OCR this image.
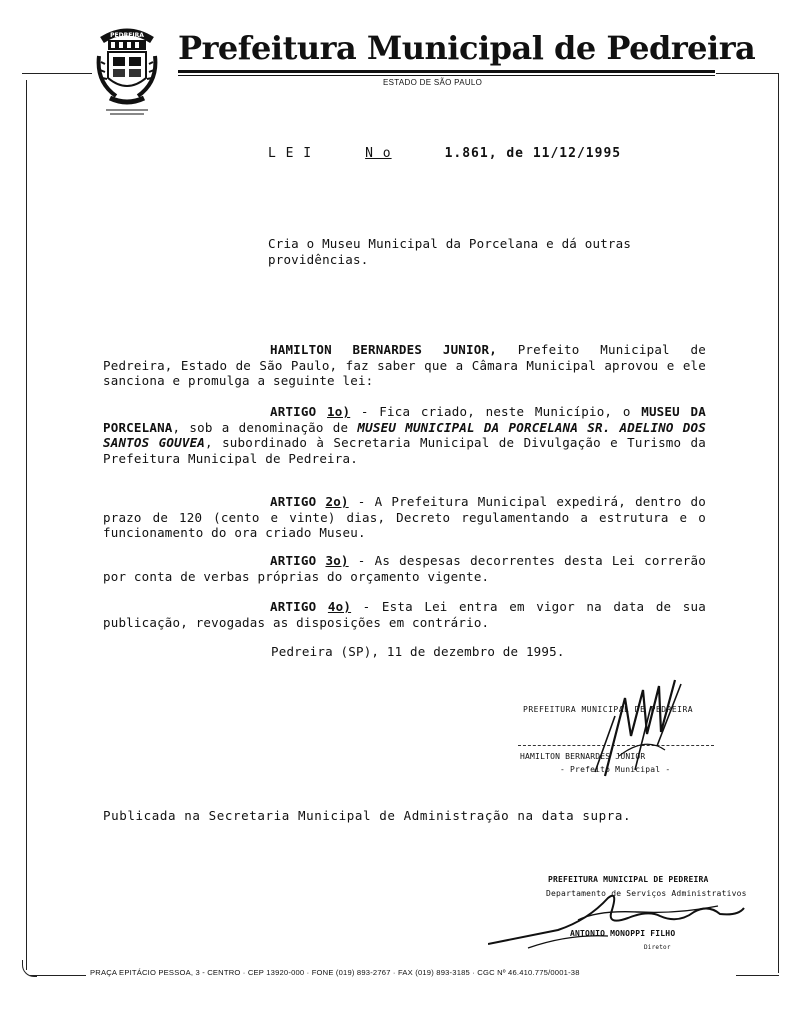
PEDREIRA Prefeitura Municipal de Pedreira
ESTADO DE SÃO PAULO
L E I	N o	1.861, de 11/12/1995
Cria o Museu Municipal da Porcelana e dá outras providências.
HAMILTON BERNARDES JUNIOR, Prefeito Municipal de Pedreira, Estado de São Paulo, faz saber que a Câmara Municipal aprovou e ele sanciona e promulga a seguinte lei:
ARTIGO 1o) - Fica criado, neste Município, o MUSEU DA PORCELANA, sob a denominação de MUSEU MUNICIPAL DA PORCELANA SR. ADELINO DOS SANTOS GOUVEA, subordinado à Secretaria Municipal de Divulgação e Turismo da Prefeitura Municipal de Pedreira.
ARTIGO 2o) - A Prefeitura Municipal expedirá, dentro do prazo de 120 (cento e vinte) dias, Decreto regulamentando a estrutura e o funcionamento do ora criado Museu.
ARTIGO 3o) - As despesas decorrentes desta Lei correrão por conta de verbas próprias do orçamento vigente.
ARTIGO 4o) - Esta Lei entra em vigor na data de sua publicação, revogadas as disposições em contrário.
Pedreira (SP), 11 de dezembro de 1995.
PREFEITURA MUNICIPAL DE PEDREIRA
HAMILTON BERNARDES JUNIOR
- Prefeito Municipal -
Publicada na Secretaria Municipal de Administração na data supra.
PREFEITURA MUNICIPAL DE PEDREIRA
Departamento de Serviços Administrativos
ANTONIO MONOPPI FILHO
Diretor
PRAÇA EPITÁCIO PESSOA, 3 - CENTRO · CEP 13920-000 · FONE (019) 893-2767 · FAX (019) 893-3185 · CGC Nº 46.410.775/0001-38
